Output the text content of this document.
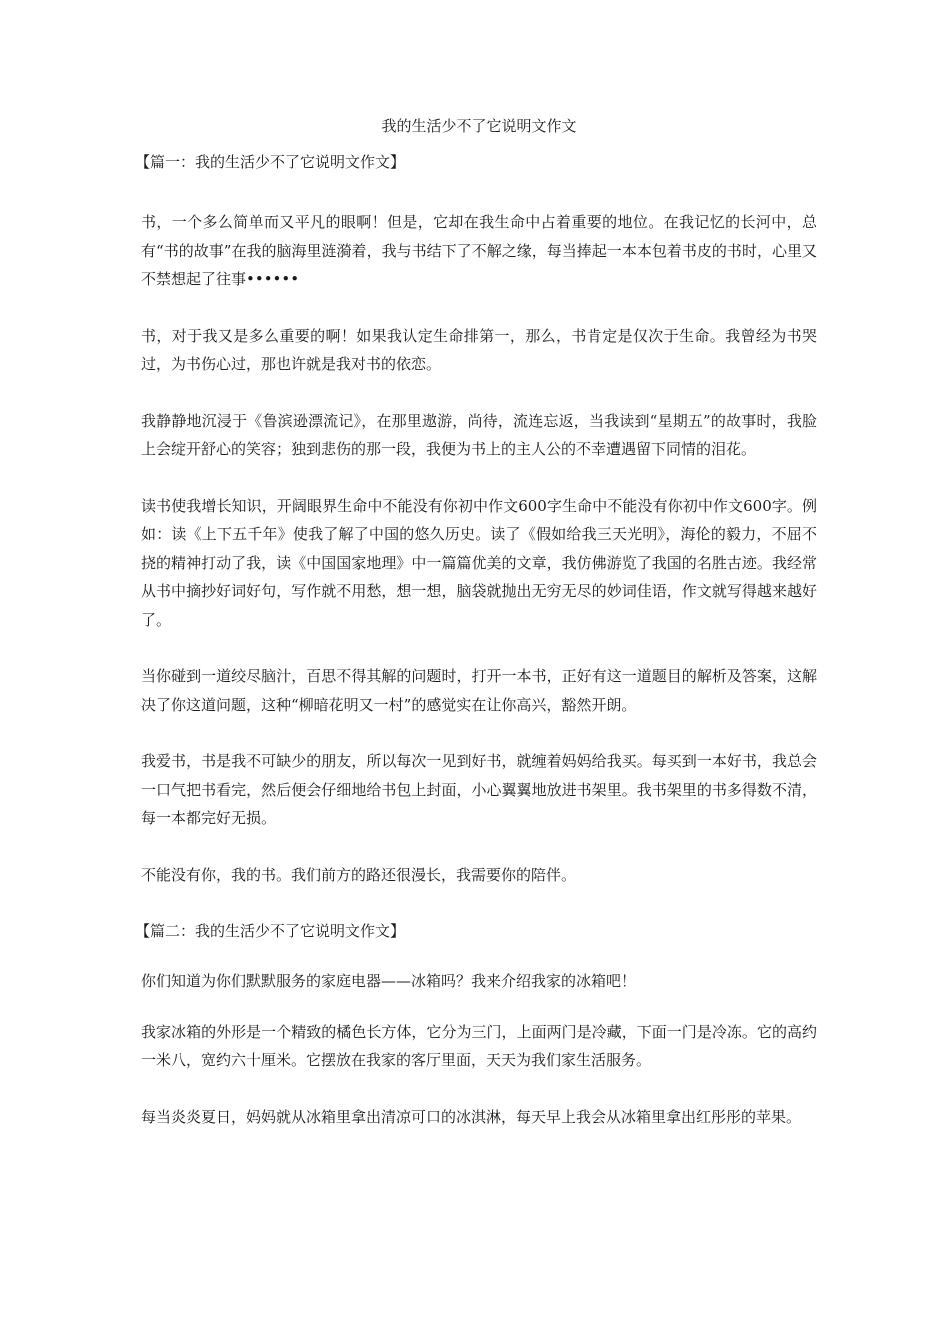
我的生活少不了它说明文作文
【篇一：我的生活少不了它说明文作文】

书，一个多么简单而又平凡的眼啊！但是，它却在我生命中占着重要的地位。在我记忆的长河中，总有“书的故事”在我的脑海里涟漪着，我与书结下了不解之缘，每当捧起一本本包着书皮的书时，心里又不禁想起了往事••••••

书，对于我又是多么重要的啊！如果我认定生命排第一，那么，书肯定是仅次于生命。我曾经为书哭过，为书伤心过，那也许就是我对书的依恋。

我静静地沉浸于《鲁滨逊漂流记》，在那里遨游，尚待，流连忘返，当我读到“星期五”的故事时，我脸上会绽开舒心的笑容；独到悲伤的那一段，我便为书上的主人公的不幸遭遇留下同情的泪花。

读书使我增长知识，开阔眼界生命中不能没有你初中作文600字生命中不能没有你初中作文600字。例如：读《上下五千年》使我了解了中国的悠久历史。读了《假如给我三天光明》，海伦的毅力，不屈不挠的精神打动了我，读《中国国家地理》中一篇篇优美的文章，我仿佛游览了我国的名胜古迹。我经常从书中摘抄好词好句，写作就不用愁，想一想，脑袋就抛出无穷无尽的妙词佳语，作文就写得越来越好了。

当你碰到一道绞尽脑汁，百思不得其解的问题时，打开一本书，正好有这一道题目的解析及答案，这解决了你这道问题，这种“柳暗花明又一村”的感觉实在让你高兴，豁然开朗。

我爱书，书是我不可缺少的朋友，所以每次一见到好书，就缠着妈妈给我买。每买到一本好书，我总会一口气把书看完，然后便会仔细地给书包上封面，小心翼翼地放进书架里。我书架里的书多得数不清，每一本都完好无损。

不能没有你，我的书。我们前方的路还很漫长，我需要你的陪伴。

【篇二：我的生活少不了它说明文作文】

你们知道为你们默默服务的家庭电器——冰箱吗？我来介绍我家的冰箱吧！

我家冰箱的外形是一个精致的橘色长方体，它分为三门，上面两门是冷藏，下面一门是冷冻。它的高约一米八，宽约六十厘米。它摆放在我家的客厅里面，天天为我们家生活服务。

每当炎炎夏日，妈妈就从冰箱里拿出清凉可口的冰淇淋，每天早上我会从冰箱里拿出红彤彤的苹果。
